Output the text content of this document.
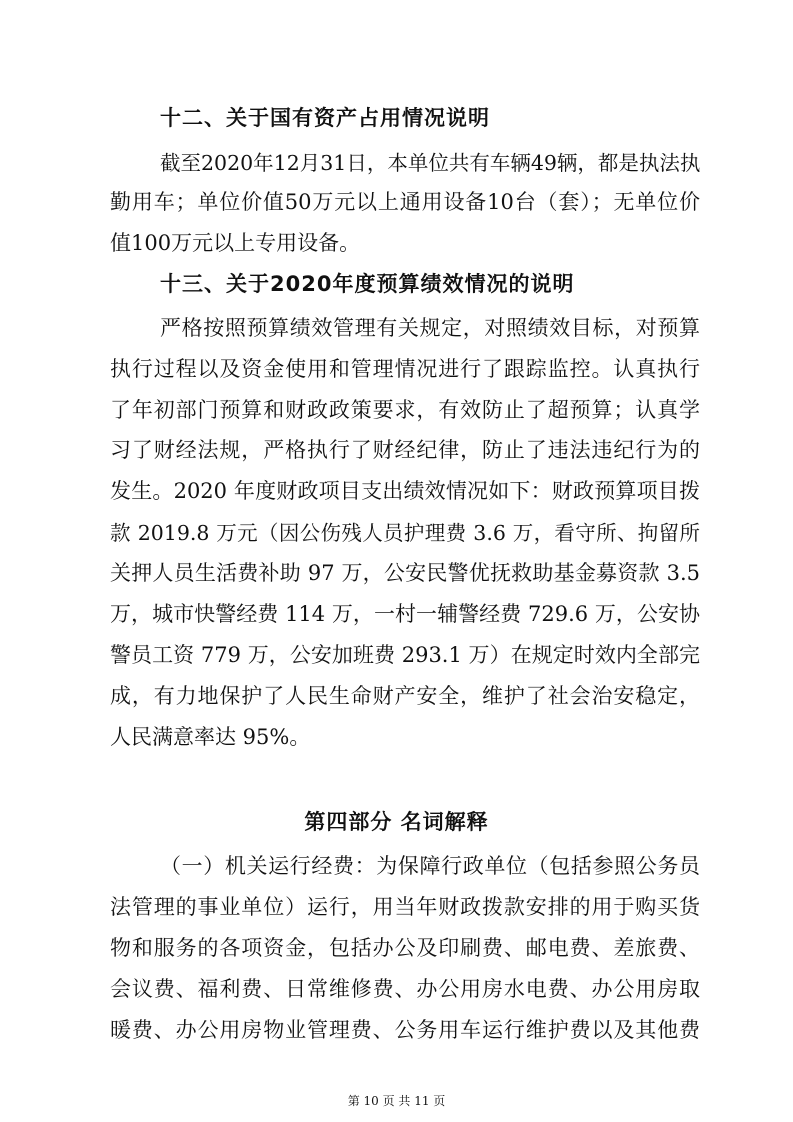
十二、关于国有资产占用情况说明
截至2020年12月31日，本单位共有车辆49辆，都是执法执
勤用车；单位价值50万元以上通用设备10台（套）；无单位价
值100万元以上专用设备。
十三、关于2020年度预算绩效情况的说明
严格按照预算绩效管理有关规定，对照绩效目标，对预算
执行过程以及资金使用和管理情况进行了跟踪监控。认真执行
了年初部门预算和财政政策要求，有效防止了超预算；认真学
习了财经法规，严格执行了财经纪律，防止了违法违纪行为的
发生。2020 年度财政项目支出绩效情况如下：财政预算项目拨
款 2019.8 万元（因公伤残人员护理费 3.6 万，看守所、拘留所
关押人员生活费补助 97 万，公安民警优抚救助基金募资款 3.5
万，城市快警经费 114 万，一村一辅警经费 729.6 万，公安协
警员工资 779 万，公安加班费 293.1 万）在规定时效内全部完
成，有力地保护了人民生命财产安全，维护了社会治安稳定，
人民满意率达 95%。
第四部分 名词解释
（一）机关运行经费：为保障行政单位（包括参照公务员
法管理的事业单位）运行，用当年财政拨款安排的用于购买货
物和服务的各项资金，包括办公及印刷费、邮电费、差旅费、
会议费、福利费、日常维修费、办公用房水电费、办公用房取
暖费、办公用房物业管理费、公务用车运行维护费以及其他费
第 10 页 共 11 页
